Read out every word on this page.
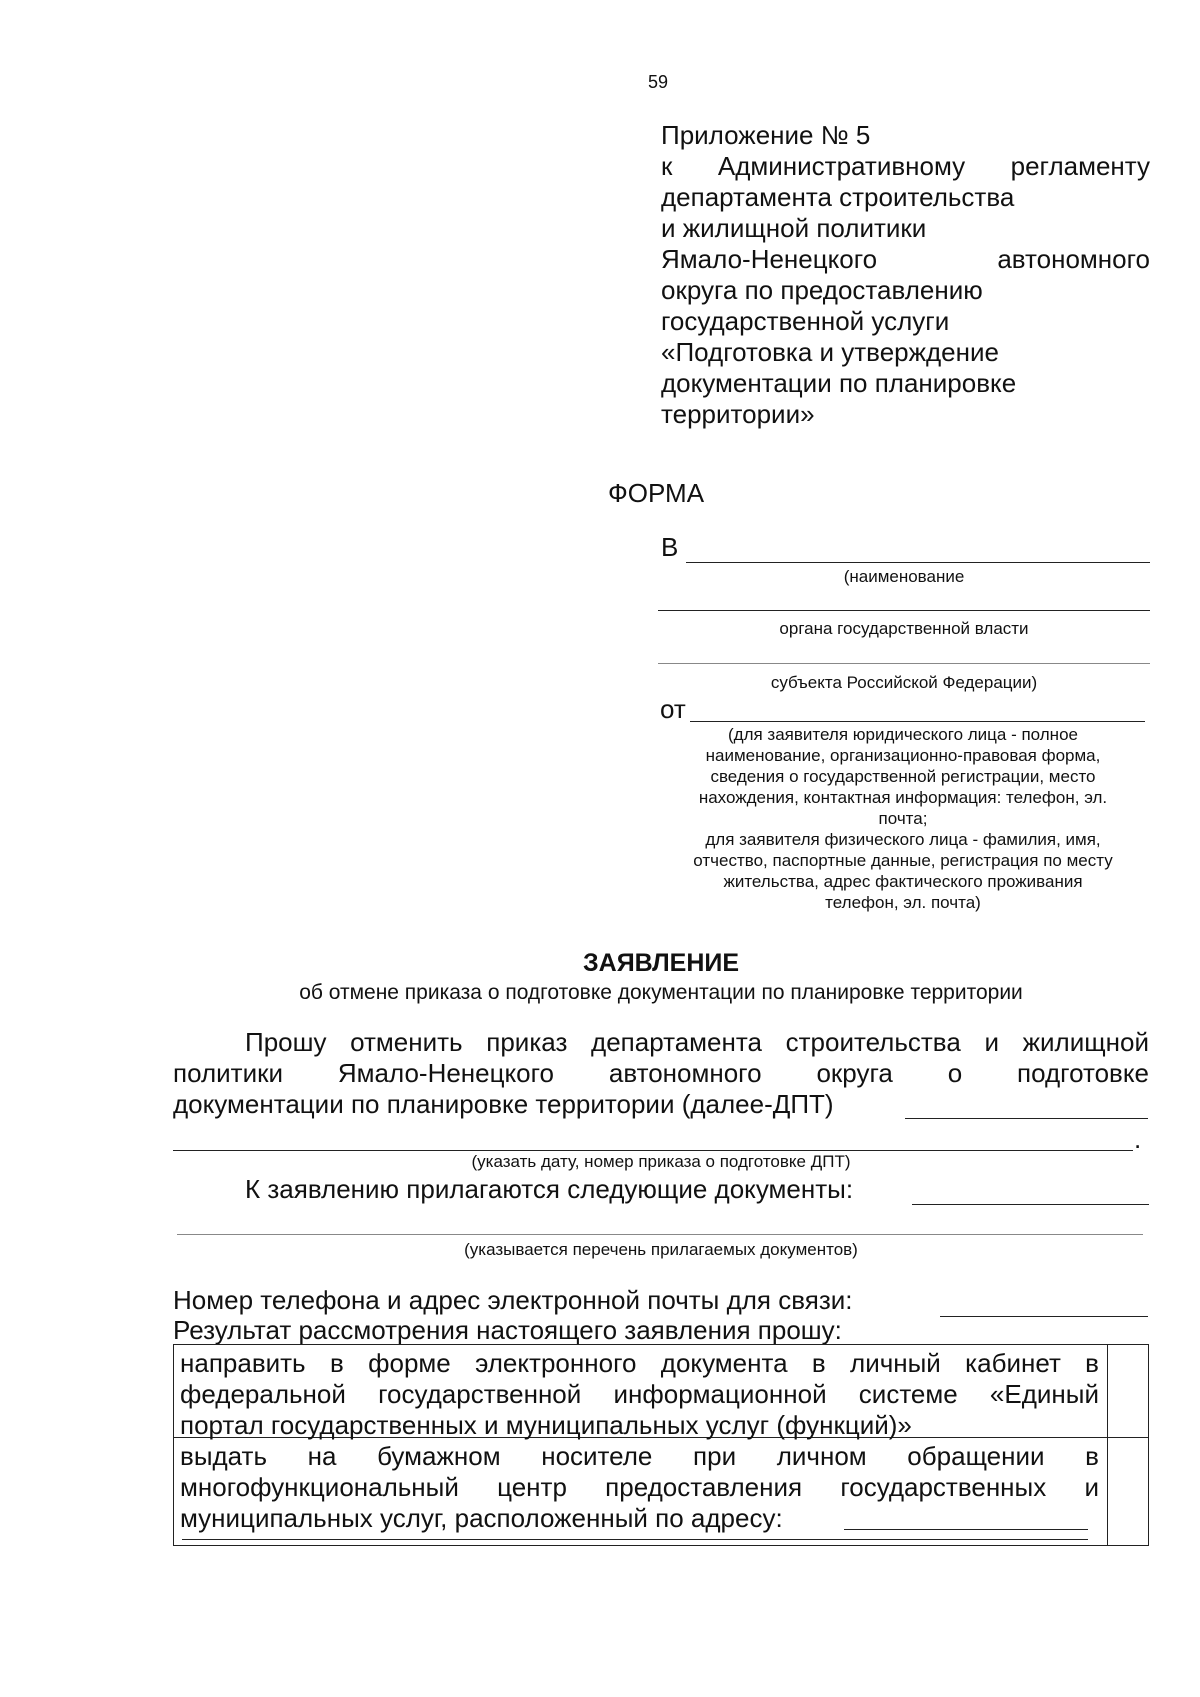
59
Приложение № 5
к Административному регламенту
департамента строительства
и жилищной политики
Ямало-Ненецкого автономного
округа по предоставлению
государственной услуги
«Подготовка и утверждение
документации по планировке
территории»
ФОРМА
В
(наименование
органа государственной власти
субъекта Российской Федерации)
от
(для заявителя юридического лица - полное
наименование, организационно-правовая форма,
сведения о государственной регистрации, место
нахождения, контактная информация: телефон, эл.
почта;
для заявителя физического лица - фамилия, имя,
отчество, паспортные данные, регистрация по месту
жительства, адрес фактического проживания
телефон, эл. почта)
ЗАЯВЛЕНИЕ
об отмене приказа о подготовке документации по планировке территории
Прошу отменить приказ департамента строительства и жилищной
политики Ямало-Ненецкого автономного округа о подготовке
документации по планировке территории (далее-ДПТ)
.
(указать дату, номер приказа о подготовке ДПТ)
К заявлению прилагаются следующие документы:
(указывается перечень прилагаемых документов)
Номер телефона и адрес электронной почты для связи:
Результат рассмотрения настоящего заявления прошу:
направить в форме электронного документа в личный кабинет в
федеральной государственной информационной системе «Единый
портал государственных и муниципальных услуг (функций)»	

выдать на бумажном носителе при личном обращении в
многофункциональный центр предоставления государственных и
муниципальных услуг, расположенный по адресу:	
